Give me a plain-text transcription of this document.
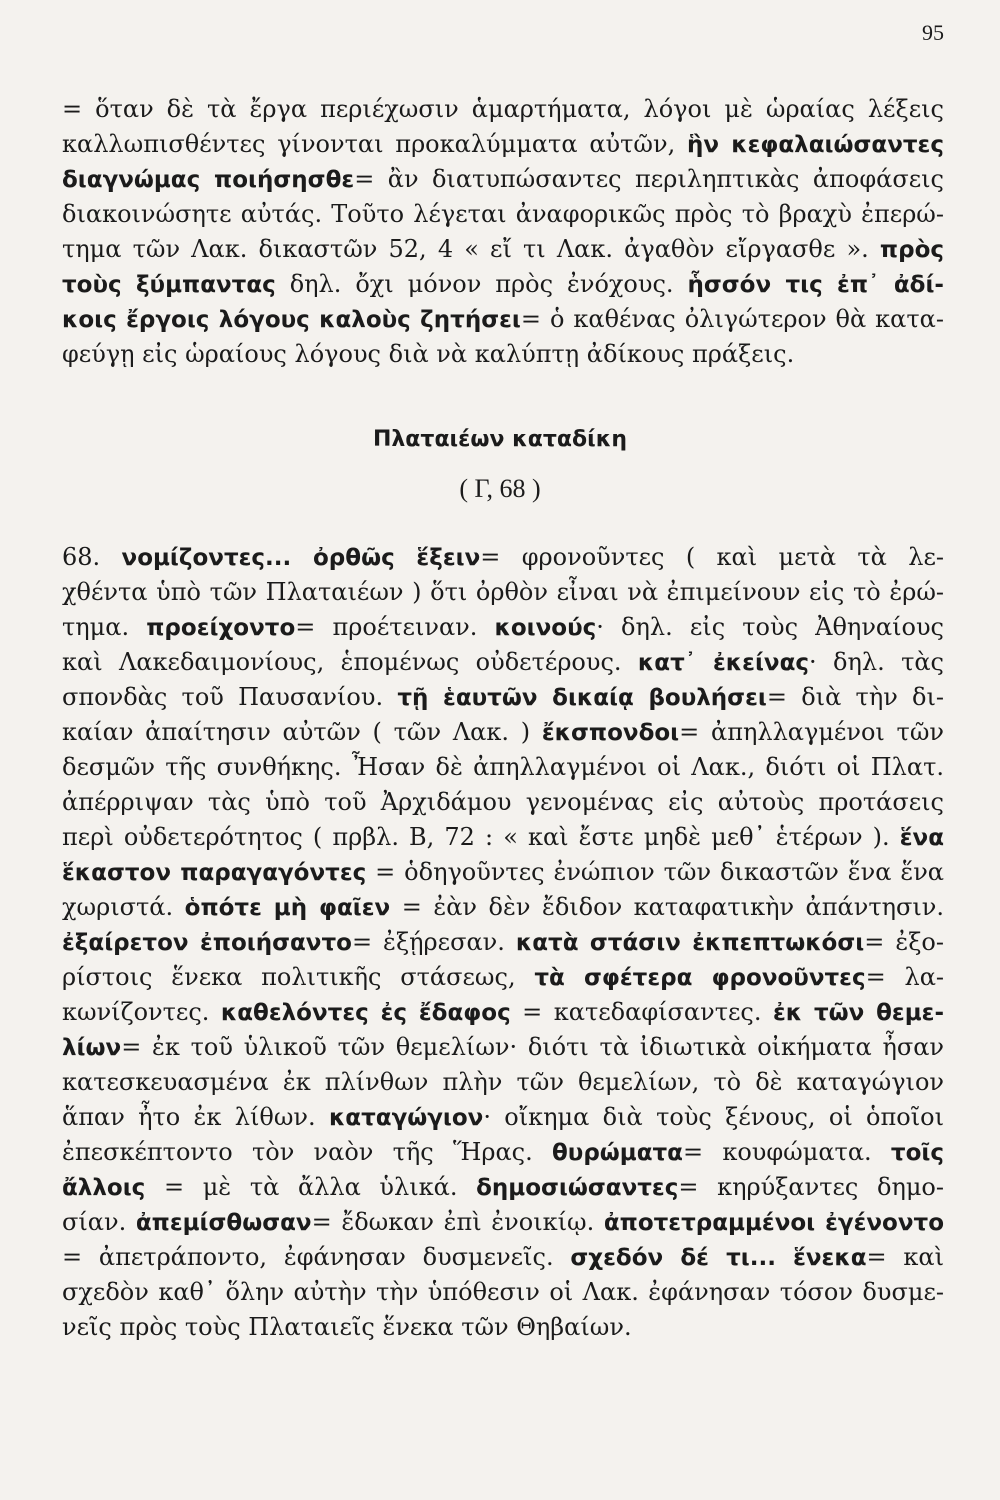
95
= ὅταν δὲ τὰ ἔργα περιέχωσιν ἁμαρτήματα, λόγοι μὲ ὡραίας λέξεις
καλλωπισθέντες γίνονται προκαλύμματα αὐτῶν, ἣν κεφαλαιώσαντες
διαγνώμας ποιήσησθε= ἂν διατυπώσαντες περιληπτικὰς ἀποφάσεις
διακοινώσητε αὐτάς. Τοῦτο λέγεται ἀναφορικῶς πρὸς τὸ βραχὺ ἐπερώ-
τημα τῶν Λακ. δικαστῶν 52, 4 « εἴ τι Λακ. ἀγαθὸν εἴργασθε ». πρὸς
τοὺς ξύμπαντας δηλ. ὄχι μόνον πρὸς ἐνόχους. ἧσσόν τις ἐπ᾽ ἀδί-
κοις ἔργοις λόγους καλοὺς ζητήσει= ὁ καθένας ὀλιγώτερον θὰ κατα-
φεύγῃ εἰς ὡραίους λόγους διὰ νὰ καλύπτῃ ἀδίκους πράξεις.
Πλαταιέων καταδίκη
( Γ, 68 )
68. νομίζοντες... ὀρθῶς ἕξειν= φρονοῦντες ( καὶ μετὰ τὰ λε-
χθέντα ὑπὸ τῶν Πλαταιέων ) ὅτι ὀρθὸν εἶναι νὰ ἐπιμείνουν εἰς τὸ ἐρώ-
τημα. προείχοντο= προέτειναν. κοινούς· δηλ. εἰς τοὺς Ἀθηναίους
καὶ Λακεδαιμονίους, ἑπομένως οὐδετέρους. κατ᾽ ἐκείνας· δηλ. τὰς
σπονδὰς τοῦ Παυσανίου. τῇ ἑαυτῶν δικαίᾳ βουλήσει= διὰ τὴν δι-
καίαν ἀπαίτησιν αὐτῶν ( τῶν Λακ. ) ἔκσπονδοι= ἀπηλλαγμένοι τῶν
δεσμῶν τῆς συνθήκης. Ἦσαν δὲ ἀπηλλαγμένοι οἱ Λακ., διότι οἱ Πλατ.
ἀπέρριψαν τὰς ὑπὸ τοῦ Ἀρχιδάμου γενομένας εἰς αὐτοὺς προτάσεις
περὶ οὐδετερότητος ( πρβλ. Β, 72 : « καὶ ἔστε μηδὲ μεθ᾽ ἑτέρων ). ἕνα
ἕκαστον παραγαγόντες = ὁδηγοῦντες ἐνώπιον τῶν δικαστῶν ἕνα ἕνα
χωριστά. ὁπότε μὴ φαῖεν = ἐὰν δὲν ἔδιδον καταφατικὴν ἀπάντησιν.
ἐξαίρετον ἐποιήσαντο= ἐξῄρεσαν. κατὰ στάσιν ἐκπεπτωκόσι= ἐξο-
ρίστοις ἕνεκα πολιτικῆς στάσεως, τὰ σφέτερα φρονοῦντες= λα-
κωνίζοντες. καθελόντες ἐς ἔδαφος = κατεδαφίσαντες. ἐκ τῶν θεμε-
λίων= ἐκ τοῦ ὑλικοῦ τῶν θεμελίων· διότι τὰ ἰδιωτικὰ οἰκήματα ἦσαν
κατεσκευασμένα ἐκ πλίνθων πλὴν τῶν θεμελίων, τὸ δὲ καταγώγιον
ἅπαν ἦτο ἐκ λίθων. καταγώγιον· οἴκημα διὰ τοὺς ξένους, οἱ ὁποῖοι
ἐπεσκέπτοντο τὸν ναὸν τῆς Ἥρας. θυρώματα= κουφώματα. τοῖς
ἄλλοις = μὲ τὰ ἄλλα ὑλικά. δημοσιώσαντες= κηρύξαντες δημο-
σίαν. ἀπεμίσθωσαν= ἔδωκαν ἐπὶ ἐνοικίῳ. ἀποτετραμμένοι ἐγένοντο
= ἀπετράποντο, ἐφάνησαν δυσμενεῖς. σχεδόν δέ τι... ἕνεκα= καὶ
σχεδὸν καθ᾽ ὅλην αὐτὴν τὴν ὑπόθεσιν οἱ Λακ. ἐφάνησαν τόσον δυσμε-
νεῖς πρὸς τοὺς Πλαταιεῖς ἕνεκα τῶν Θηβαίων.
